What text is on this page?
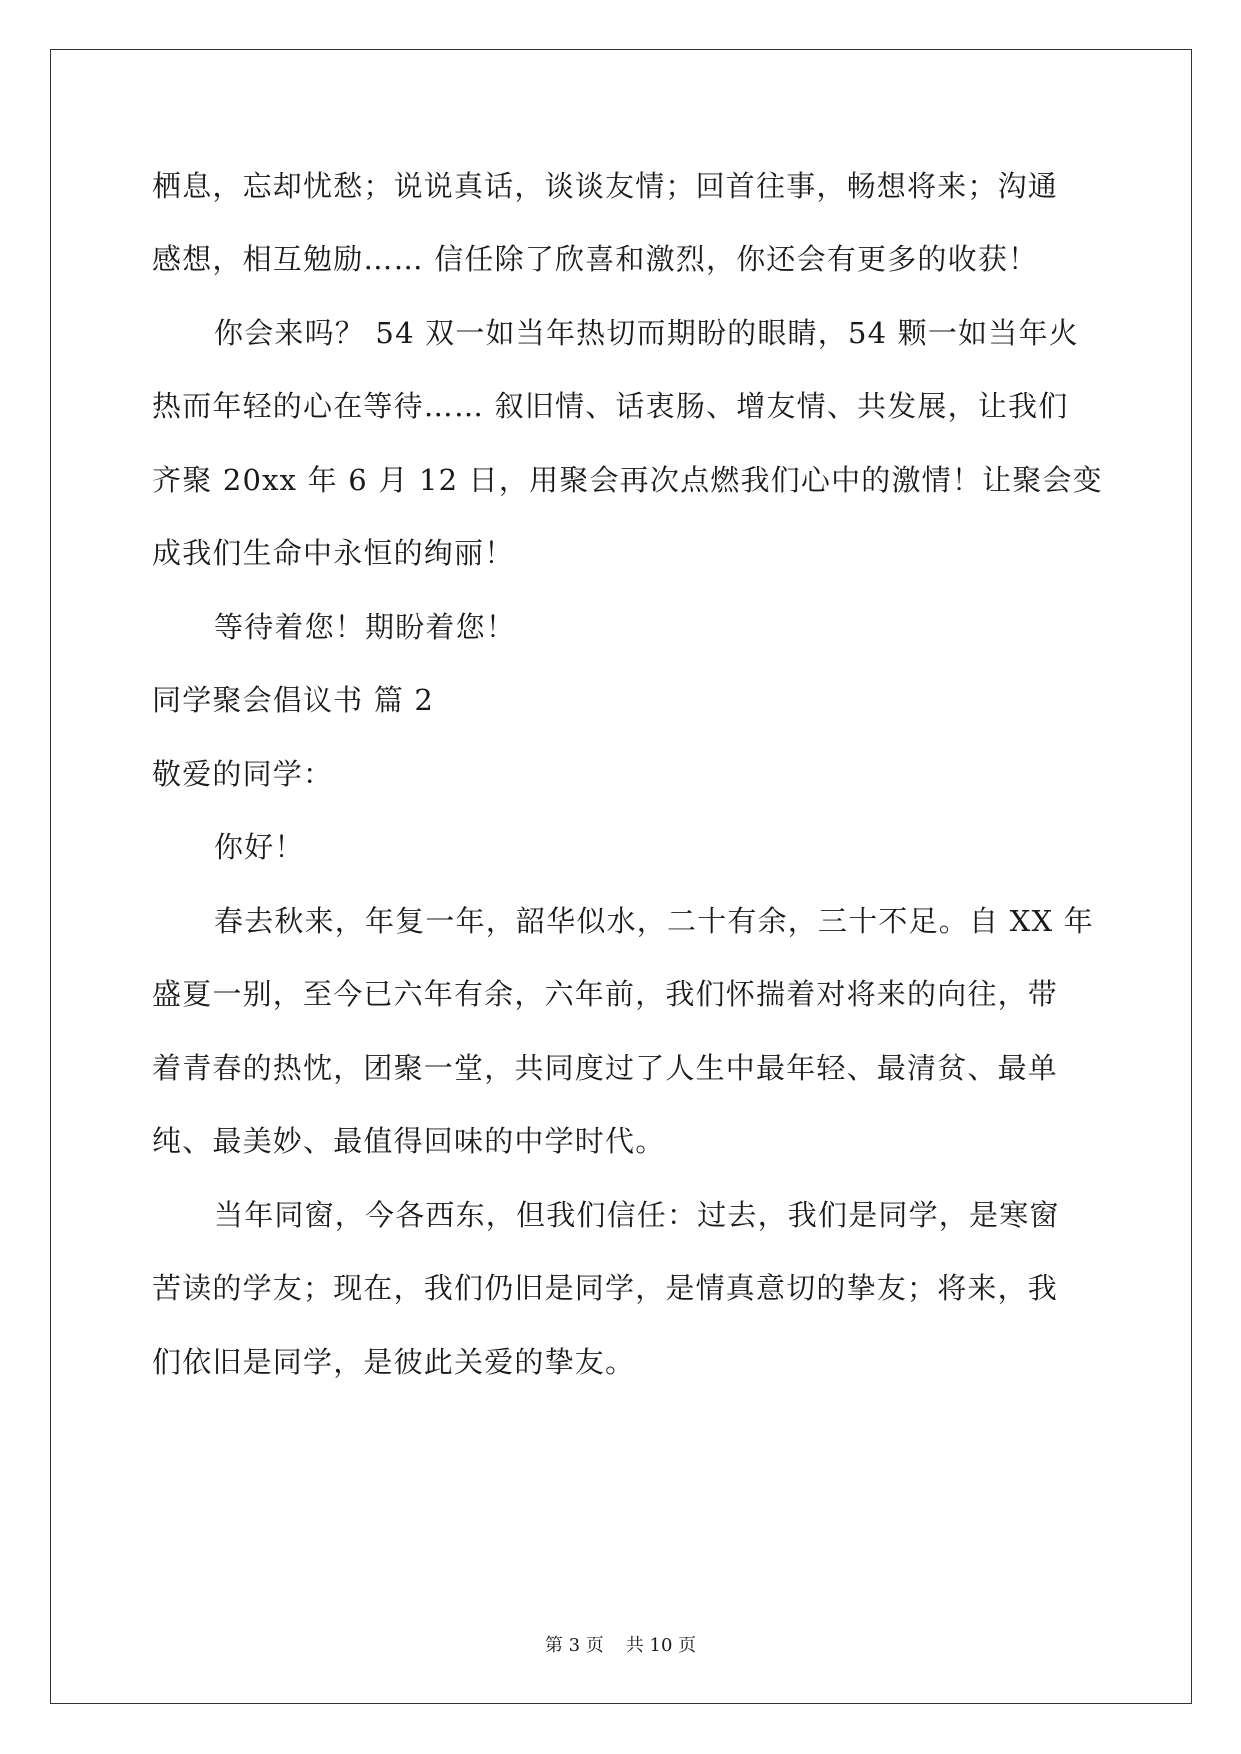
栖息，忘却忧愁；说说真话，谈谈友情；回首往事，畅想将来；沟通
感想，相互勉励…… 信任除了欣喜和激烈，你还会有更多的收获！
你会来吗？ 54 双一如当年热切而期盼的眼睛，54 颗一如当年火
热而年轻的心在等待…… 叙旧情、话衷肠、增友情、共发展，让我们
齐聚 20xx 年 6 月 12 日，用聚会再次点燃我们心中的激情！让聚会变
成我们生命中永恒的绚丽！
等待着您！期盼着您！
同学聚会倡议书 篇 2
敬爱的同学：
你好！
春去秋来，年复一年，韶华似水，二十有余，三十不足。自 XX 年
盛夏一别，至今已六年有余，六年前，我们怀揣着对将来的向往，带
着青春的热忱，团聚一堂，共同度过了人生中最年轻、最清贫、最单
纯、最美妙、最值得回味的中学时代。
当年同窗，今各西东，但我们信任：过去，我们是同学，是寒窗
苦读的学友；现在，我们仍旧是同学，是情真意切的挚友；将来，我
们依旧是同学，是彼此关爱的挚友。
第 3 页 共 10 页
